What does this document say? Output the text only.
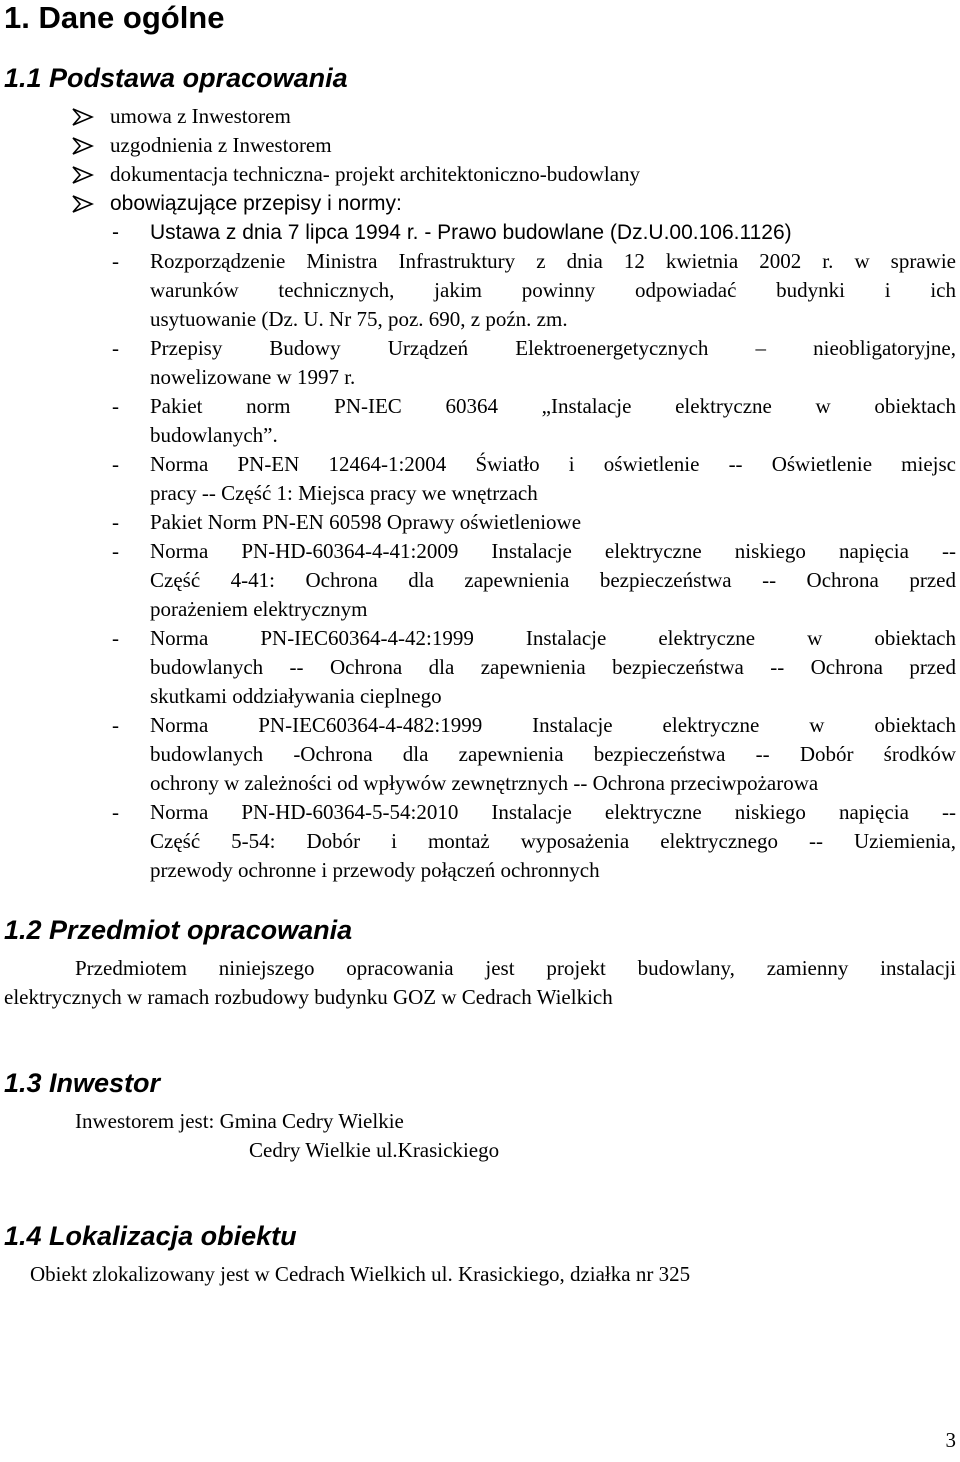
1. Dane ogólne
1.1 Podstawa opracowania
umowa z Inwestorem
uzgodnienia z Inwestorem
dokumentacja techniczna- projekt architektoniczno-budowlany
obowiązujące przepisy i normy:
- Ustawa z dnia 7 lipca 1994 r. - Prawo budowlane (Dz.U.00.106.1126)
- Rozporządzenie Ministra Infrastruktury z dnia 12 kwietnia 2002 r. w sprawie
warunków technicznych, jakim powinny odpowiadać budynki i ich
usytuowanie (Dz. U. Nr 75, poz. 690, z poźn. zm.
- Przepisy Budowy Urządzeń Elektroenergetycznych – nieobligatoryjne,
nowelizowane w 1997 r.
- Pakiet norm PN-IEC 60364 „Instalacje elektryczne w obiektach
budowlanych”.
- Norma PN-EN 12464-1:2004 Światło i oświetlenie -- Oświetlenie miejsc
pracy -- Część 1: Miejsca pracy we wnętrzach
- Pakiet Norm PN-EN 60598 Oprawy oświetleniowe
- Norma PN-HD-60364-4-41:2009 Instalacje elektryczne niskiego napięcia --
Część 4-41: Ochrona dla zapewnienia bezpieczeństwa -- Ochrona przed
porażeniem elektrycznym
- Norma PN-IEC60364-4-42:1999 Instalacje elektryczne w obiektach
budowlanych -- Ochrona dla zapewnienia bezpieczeństwa -- Ochrona przed
skutkami oddziaływania cieplnego
- Norma PN-IEC60364-4-482:1999 Instalacje elektryczne w obiektach
budowlanych -Ochrona dla zapewnienia bezpieczeństwa -- Dobór środków
ochrony w zależności od wpływów zewnętrznych -- Ochrona przeciwpożarowa
- Norma PN-HD-60364-5-54:2010 Instalacje elektryczne niskiego napięcia --
Część 5-54: Dobór i montaż wyposażenia elektrycznego -- Uziemienia,
przewody ochronne i przewody połączeń ochronnych
1.2 Przedmiot opracowania
Przedmiotem niniejszego opracowania jest projekt budowlany, zamienny instalacji
elektrycznych w ramach rozbudowy budynku GOZ w Cedrach Wielkich
1.3 Inwestor
Inwestorem jest: Gmina Cedry Wielkie
Cedry Wielkie ul.Krasickiego
1.4 Lokalizacja obiektu
Obiekt zlokalizowany jest w Cedrach Wielkich ul. Krasickiego, działka nr 325
3
